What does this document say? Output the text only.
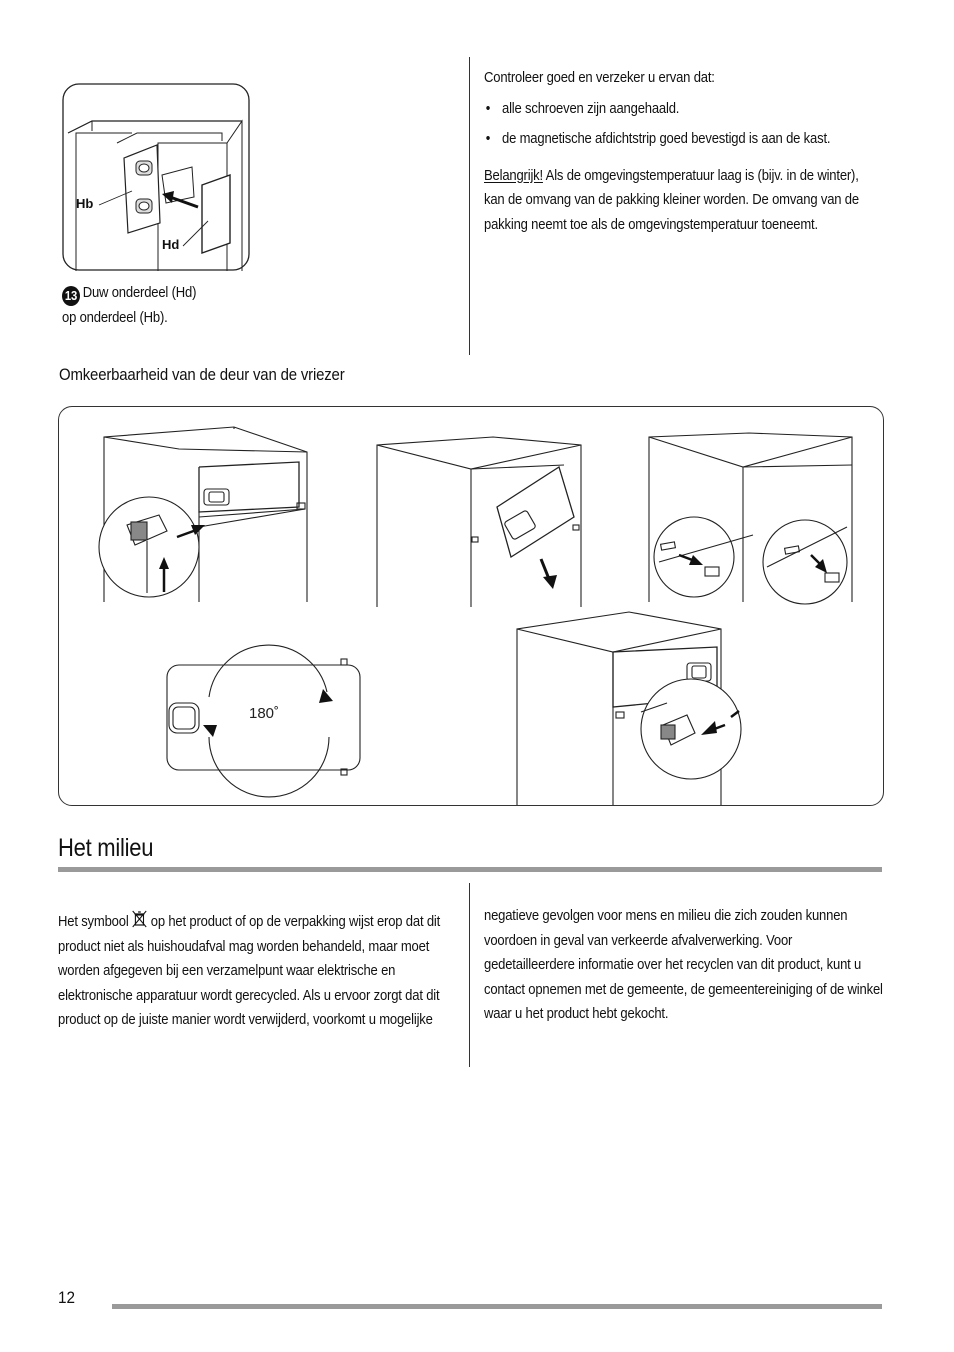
Hb
Hd
13 Duw onderdeel (Hd)
op onderdeel (Hb).
Controleer goed en verzeker u ervan dat:
• alle schroeven zijn aangehaald.
• de magnetische afdichtstrip goed bevestigd is aan de kast.

Belangrijk! Als de omgevingstemperatuur laag is (bijv. in de winter), kan de omvang van de pakking kleiner worden. De omvang van de pakking neemt toe als de omgevingstemperatuur toeneemt.

Omkeerbaarheid van de deur van de vriezer
180˚
Het milieu
Het symbool  op het product of op de verpakking wijst erop dat dit product niet als huishoudafval mag worden behandeld, maar moet worden afgegeven bij een verzamelpunt waar elektrische en elektronische apparatuur wordt gerecycled. Als u ervoor zorgt dat dit product op de juiste manier wordt verwijderd, voorkomt u mogelijke
negatieve gevolgen voor mens en milieu die zich zouden kunnen voordoen in geval van verkeerde afvalverwerking. Voor gedetailleerdere informatie over het recyclen van dit product, kunt u contact opnemen met de gemeente, de gemeentereiniging of de winkel waar u het product hebt gekocht.
12
